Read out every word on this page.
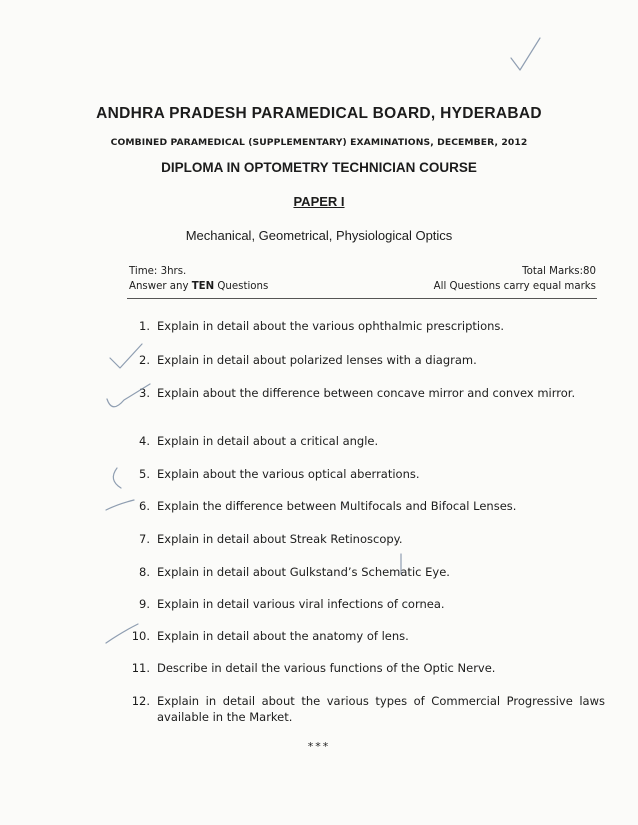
ANDHRA PRADESH PARAMEDICAL BOARD, HYDERABAD
COMBINED PARAMEDICAL (SUPPLEMENTARY) EXAMINATIONS, DECEMBER, 2012
DIPLOMA IN OPTOMETRY TECHNICIAN COURSE
PAPER I
Mechanical, Geometrical, Physiological Optics
Time: 3hrs.	Total Marks:80
Answer any TEN Questions	All Questions carry equal marks
1. Explain in detail about the various ophthalmic prescriptions.
2. Explain in detail about polarized lenses with a diagram.
3. Explain about the difference between concave mirror and convex mirror.
4. Explain in detail about a critical angle.
5. Explain about the various optical aberrations.
6. Explain the difference between Multifocals and Bifocal Lenses.
7. Explain in detail about Streak Retinoscopy.
8. Explain in detail about Gulkstand’s Schematic Eye.
9. Explain in detail various viral infections of cornea.
10. Explain in detail about the anatomy of lens.
11. Describe in detail the various functions of the Optic Nerve.
12. Explain in detail about the various types of Commercial Progressive laws available in the Market.
***
